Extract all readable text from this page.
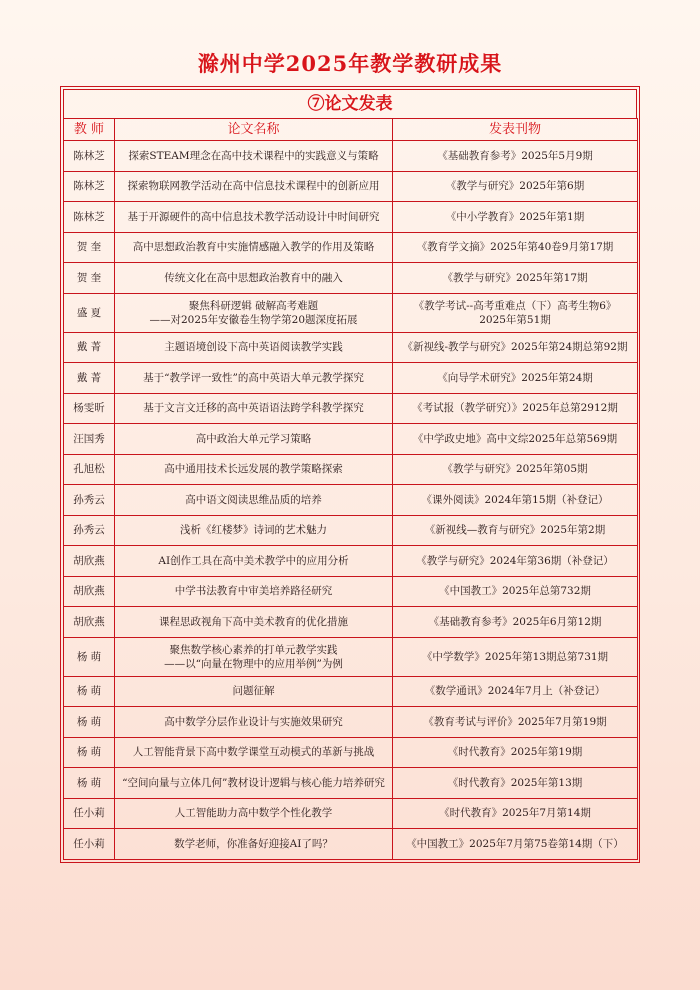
滁州中学2025年教学教研成果
⑦论文发表
教 师	论文名称	发表刊物
陈林芝	探索STEAM理念在高中技术课程中的实践意义与策略	《基础教育参考》2025年5月9期
陈林芝	探索物联网教学活动在高中信息技术课程中的创新应用	《教学与研究》2025年第6期
陈林芝	基于开源硬件的高中信息技术教学活动设计中时间研究	《中小学教育》2025年第1期
贺 奎	高中思想政治教育中实施情感融入教学的作用及策略	《教育学文摘》2025年第40卷9月第17期
贺 奎	传统文化在高中思想政治教育中的融入	《教学与研究》2025年第17期
盛 夏	聚焦科研逻辑 破解高考难题
——对2025年安徽卷生物学第20题深度拓展	《教学考试--高考重难点（下）高考生物6》
2025年第51期

戴 菁	主题语境创设下高中英语阅读教学实践	《新视线-教学与研究》2025年第24期总第92期
戴 菁	基于“教学评一致性”的高中英语大单元教学探究	《向导学术研究》2025年第24期
杨雯昕	基于文言文迁移的高中英语语法跨学科教学探究	《考试报（教学研究）》2025年总第2912期
汪国秀	高中政治大单元学习策略	《中学政史地》高中文综2025年总第569期
孔旭松	高中通用技术长远发展的教学策略探索	《教学与研究》2025年第05期
孙秀云	高中语文阅读思维品质的培养	《课外阅读》2024年第15期（补登记）
孙秀云	浅析《红楼梦》诗词的艺术魅力	《新视线—教育与研究》2025年第2期
胡欣燕	AI创作工具在高中美术教学中的应用分析	《教学与研究》2024年第36期（补登记）
胡欣燕	中学书法教育中审美培养路径研究	《中国教工》2025年总第732期
胡欣燕	课程思政视角下高中美术教育的优化措施	《基础教育参考》2025年6月第12期
杨 萌	聚焦数学核心素养的打单元教学实践
——以“向量在物理中的应用举例”为例	《中学数学》2025年第13期总第731期
杨 萌	问题征解	《数学通讯》2024年7月上（补登记）
杨 萌	高中数学分层作业设计与实施效果研究	《教育考试与评价》2025年7月第19期
杨 萌	人工智能背景下高中数学课堂互动模式的革新与挑战	《时代教育》2025年第19期
杨 萌	“空间向量与立体几何”教材设计逻辑与核心能力培养研究	《时代教育》2025年第13期
任小莉	人工智能助力高中数学个性化教学	《时代教育》2025年7月第14期
任小莉	数学老师，你准备好迎接AI了吗？	《中国教工》2025年7月第75卷第14期（下）
